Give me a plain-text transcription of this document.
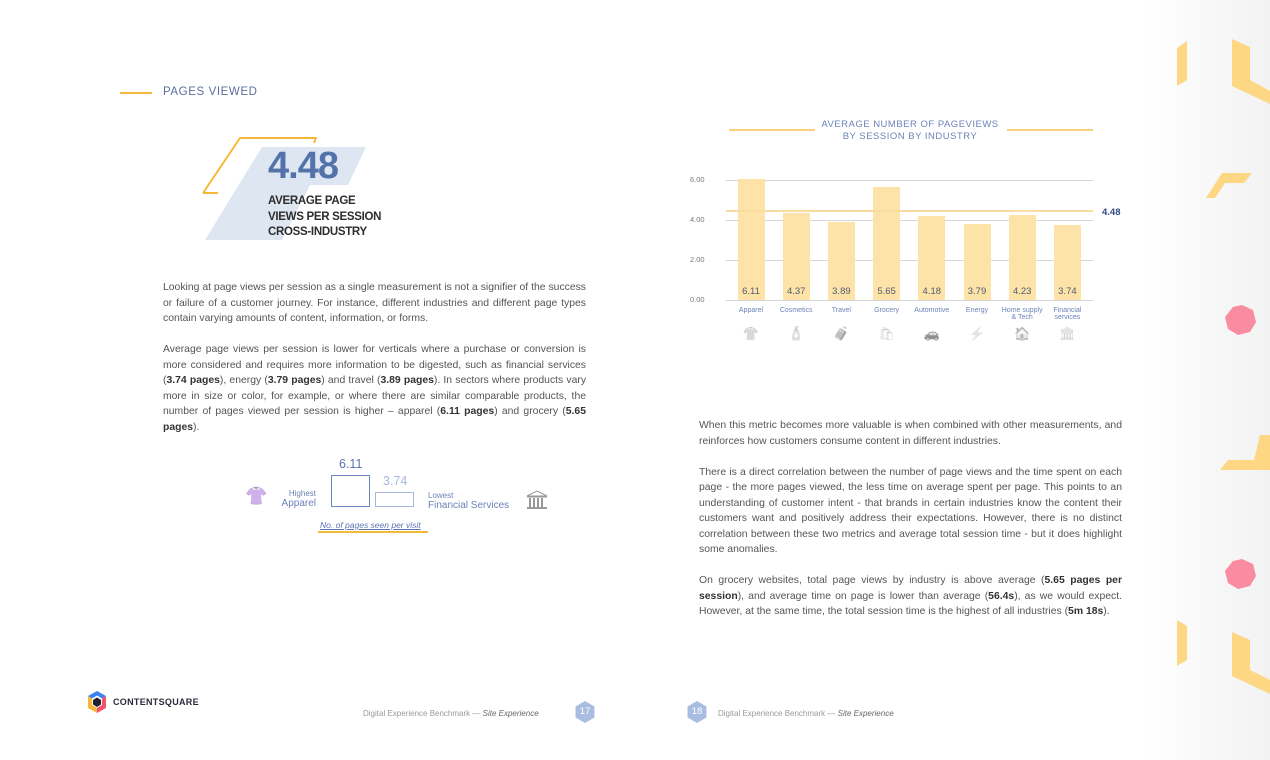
PAGES VIEWED
4.48
AVERAGE PAGE
VIEWS PER SESSION
CROSS-INDUSTRY

Looking at page views per session as a single measurement is not a signifier of the success or failure of a customer journey. For instance, different industries and different page types contain varying amounts of content, information, or forms.

Average page views per session is lower for verticals where a purchase or conversion is more considered and requires more information to be digested, such as financial services (3.74 pages), energy (3.79 pages) and travel (3.89 pages). In sectors where products vary more in size or color, for example, or where there are similar comparable products, the number of pages viewed per session is higher – apparel (6.11 pages) and grocery (5.65 pages).

👚	Highest
Apparel
6.11
3.74
Lowest
Financial Services
No. of pages seen per visit
AVERAGE NUMBER OF PAGEVIEWS
BY SESSION BY INDUSTRY
6.00
4.00
2.00
0.00
6.11
Apparel
4.37
Cosmetics
3.89
Travel
5.65
Grocery
4.18
Automotive
3.79
Energy
4.23
Home supply
& Tech
3.74
Financial
services
👚	🧴	🧳	🛍	🚗	⚡	🏠	🏛
4.48

When this metric becomes more valuable is when combined with other measurements, and reinforces how customers consume content in different industries.

There is a direct correlation between the number of page views and the time spent on each page - the more pages viewed, the less time on average spent per page. This points to an understanding of customer intent - that brands in certain industries know the content their customers want and positively address their expectations. However, there is no distinct correlation between these two metrics and average total session time - but it does highlight some anomalies.

On grocery websites, total page views by industry is above average (5.65 pages per session), and average time on page is lower than average (56.4s), as we would expect. However, at the same time, the total session time is the highest of all industries (5m 18s).

CONTENTSQUARE
Digital Experience Benchmark — Site Experience	17	18	Digital Experience Benchmark — Site Experience
